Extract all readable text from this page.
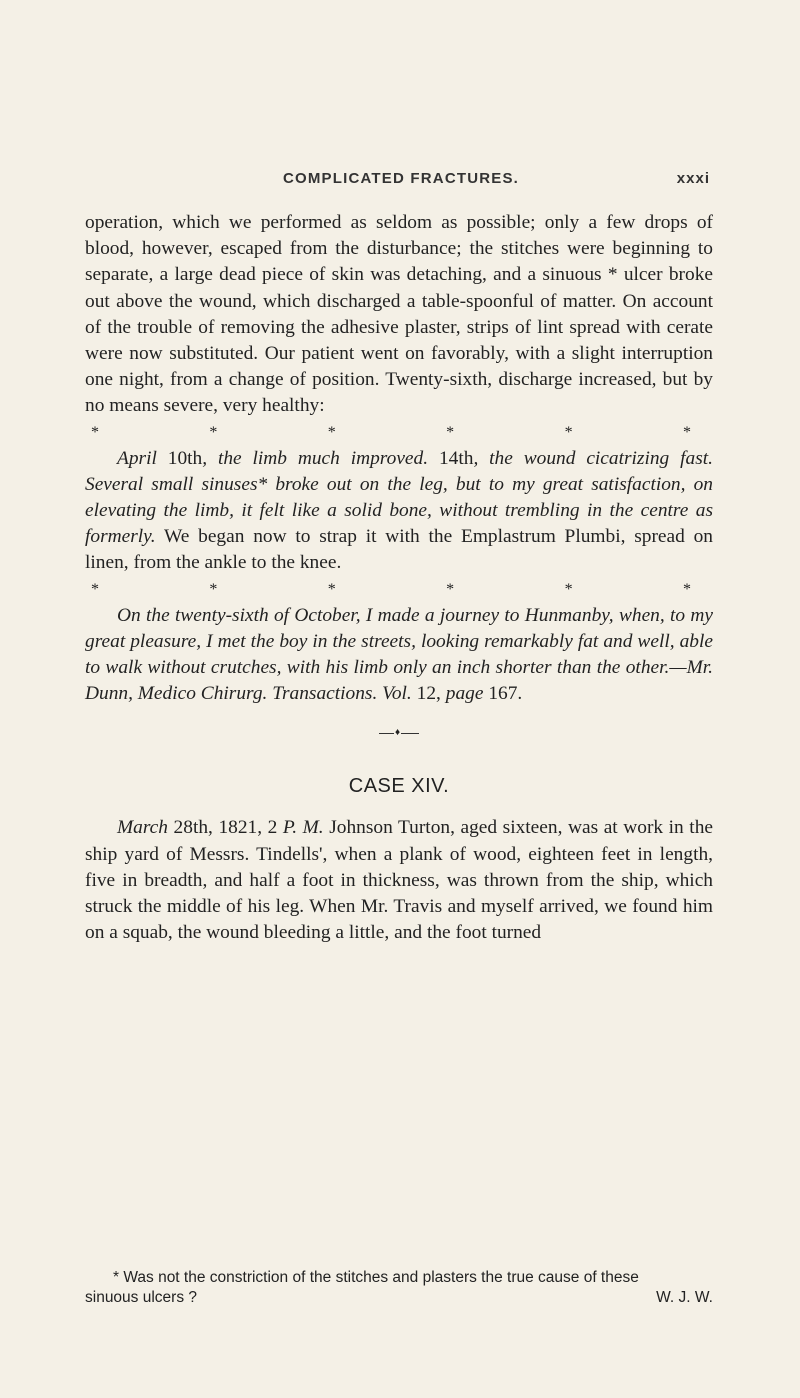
COMPLICATED FRACTURES.	xxxi

operation, which we performed as seldom as possible; only a few drops of blood, however, escaped from the disturbance; the stitches were beginning to separate, a large dead piece of skin was detaching, and a sinuous * ulcer broke out above the wound, which discharged a table-spoonful of matter. On account of the trouble of removing the adhesive plaster, strips of lint spread with cerate were now substituted. Our patient went on favorably, with a slight interruption one night, from a change of position. Twenty-sixth, discharge increased, but by no means severe, very healthy:

*	*	*	*	*	*

April 10th, the limb much improved. 14th, the wound cicatrizing fast. Several small sinuses* broke out on the leg, but to my great satisfaction, on elevating the limb, it felt like a solid bone, without trembling in the centre as formerly. We began now to strap it with the Emplastrum Plumbi, spread on linen, from the ankle to the knee.

*	*	*	*	*	*

On the twenty-sixth of October, I made a journey to Hunmanby, when, to my great pleasure, I met the boy in the streets, looking remarkably fat and well, able to walk without crutches, with his limb only an inch shorter than the other.—Mr. Dunn, Medico Chirurg. Transactions. Vol. 12, page 167.

♦
CASE XIV.

March 28th, 1821, 2 P. M. Johnson Turton, aged sixteen, was at work in the ship yard of Messrs. Tindells', when a plank of wood, eighteen feet in length, five in breadth, and half a foot in thickness, was thrown from the ship, which struck the middle of his leg. When Mr. Travis and myself arrived, we found him on a squab, the wound bleeding a little, and the foot turned

* Was not the constriction of the stitches and plasters the true cause of these

sinuous ulcers ?	W. J. W.
